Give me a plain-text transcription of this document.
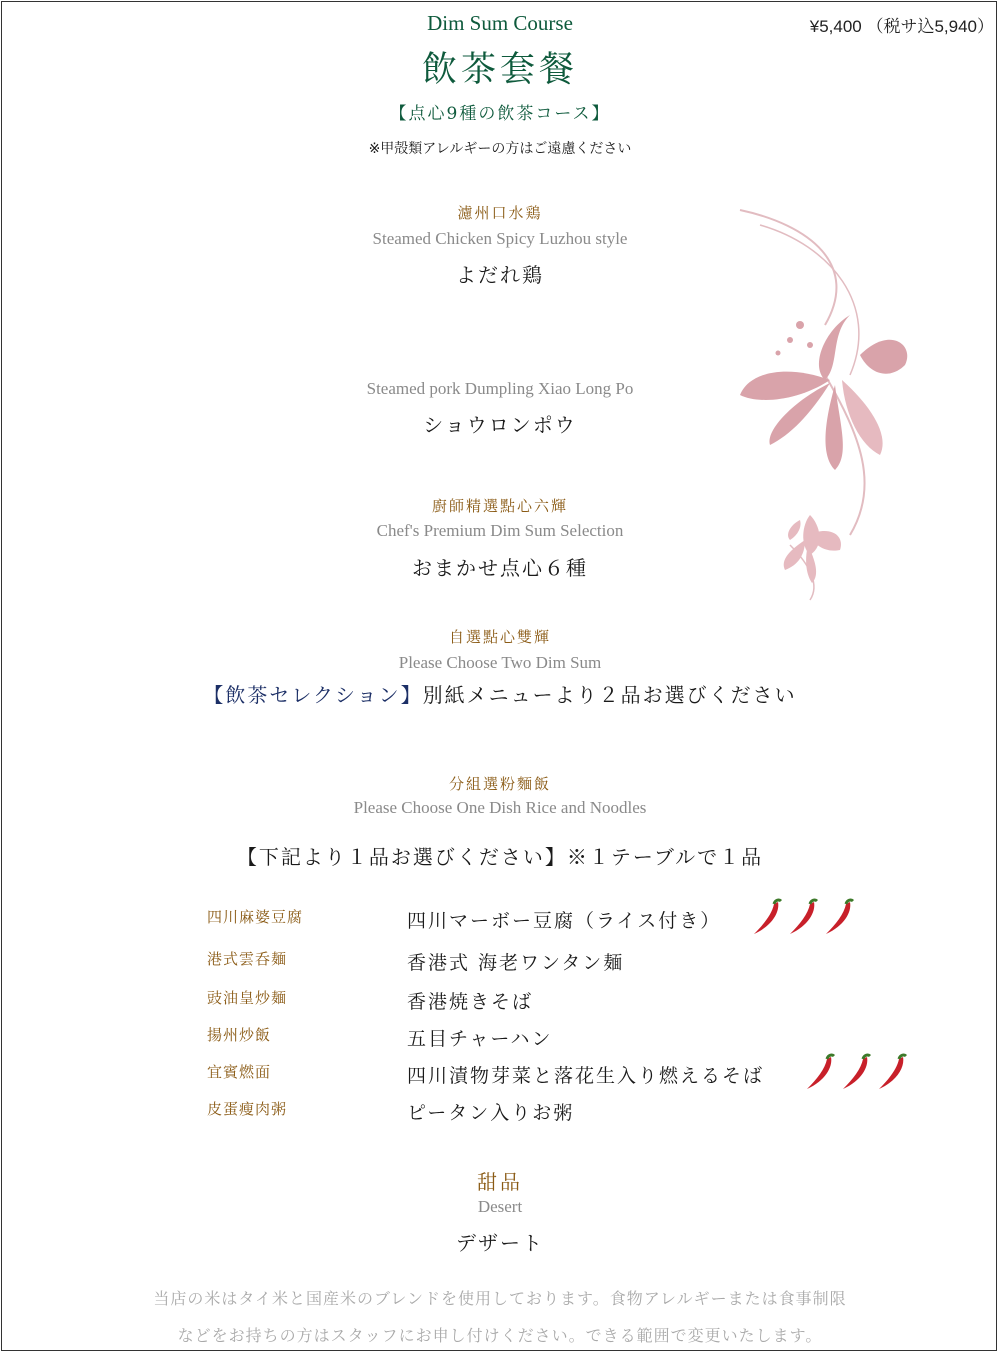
¥5,400 （税サ込5,940）
Dim Sum Course
飲茶套餐
【点心9種の飲茶コース】
※甲殻類アレルギーの方はご遠慮ください
濾州口水鶏
Steamed Chicken Spicy Luzhou style
よだれ鶏
Steamed pork Dumpling Xiao Long Po
ショウロンポウ
廚師精選點心六輝
Chef's Premium Dim Sum Selection
おまかせ点心６種
自選點心雙輝
Please Choose Two Dim Sum
【飲茶セレクション】別紙メニューより２品お選びください
分組選粉麵飯
Please Choose One Dish Rice and Noodles
【下記より１品お選びください】※１テーブルで１品
四川麻婆豆腐	四川マーボー豆腐（ライス付き）
港式雲呑麺	香港式 海老ワンタン麺
豉油皇炒麺	香港焼きそば
揚州炒飯	五目チャーハン
宜賓燃面	四川漬物芽菜と落花生入り燃えるそば
皮蛋瘦肉粥	ピータン入りお粥
甜品
Desert
デザート
当店の米はタイ米と国産米のブレンドを使用しております。食物アレルギーまたは食事制限
などをお持ちの方はスタッフにお申し付けください。できる範囲で変更いたします。
